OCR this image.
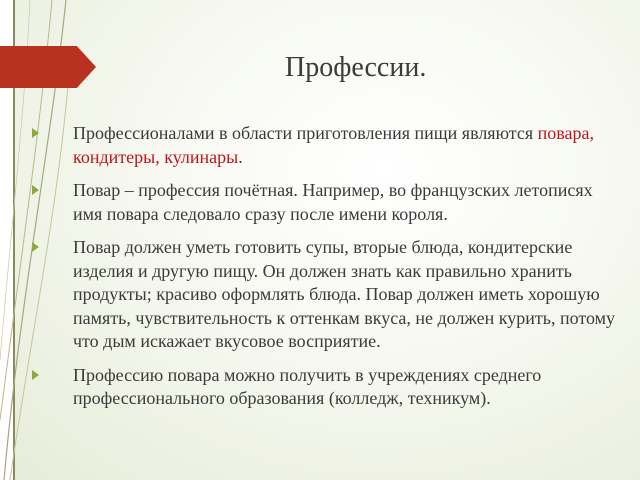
Профессии.
Профессионалами в области приготовления пищи являются повара, кондитеры, кулинары.
Повар – профессия почётная. Например, во французских летописях имя повара следовало сразу после имени короля.
Повар должен уметь готовить супы, вторые блюда, кондитерские изделия и другую пищу. Он должен знать как правильно хранить продукты; красиво оформлять блюда. Повар должен иметь хорошую память, чувствительность к оттенкам вкуса, не должен курить, потому что дым искажает вкусовое восприятие.
Профессию повара можно получить в учреждениях среднего профессионального образования (колледж, техникум).
